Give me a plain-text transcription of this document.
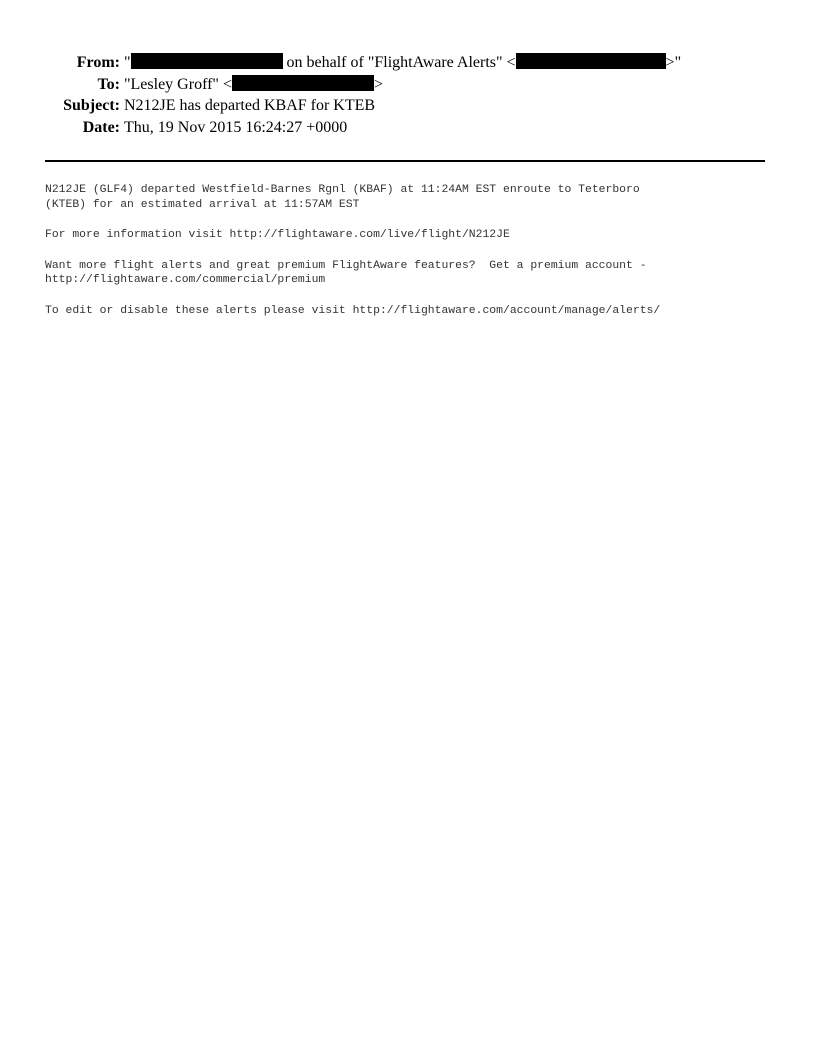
From: "	on behalf of "FlightAware Alerts" <	>"
To: "Lesley Groff" <	>
Subject: N212JE has departed KBAF for KTEB
Date: Thu, 19 Nov 2015 16:24:27 +0000

N212JE (GLF4) departed Westfield-Barnes Rgnl (KBAF) at 11:24AM EST enroute to Teterboro
(KTEB) for an estimated arrival at 11:57AM EST

For more information visit http://flightaware.com/live/flight/N212JE

Want more flight alerts and great premium FlightAware features?  Get a premium account -
http://flightaware.com/commercial/premium

To edit or disable these alerts please visit http://flightaware.com/account/manage/alerts/
